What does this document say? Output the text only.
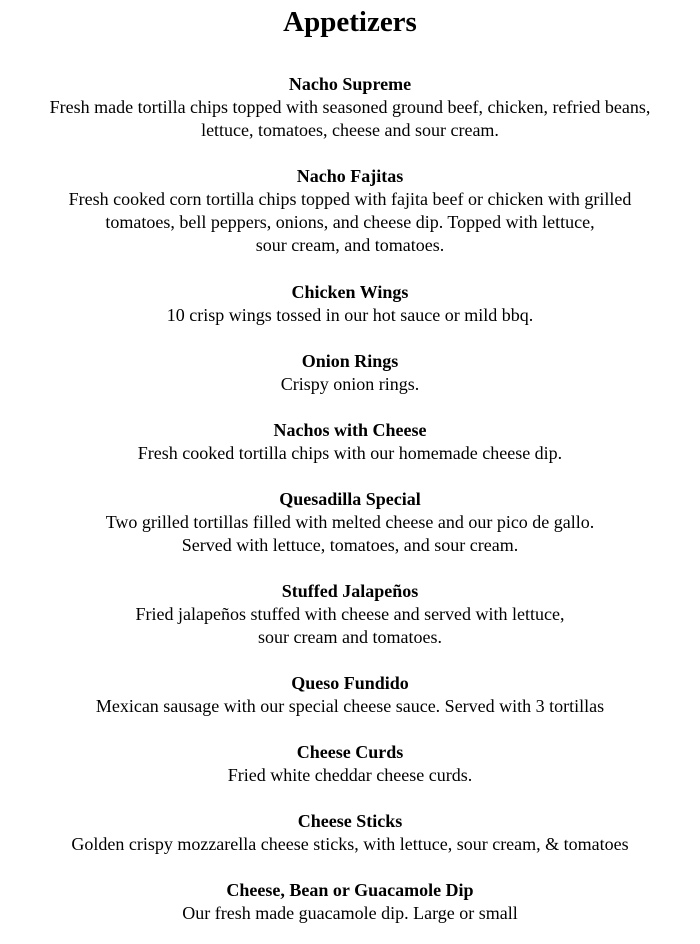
Appetizers
Nacho Supreme
Fresh made tortilla chips topped with seasoned ground beef, chicken, refried beans,
lettuce, tomatoes, cheese and sour cream.
Nacho Fajitas
Fresh cooked corn tortilla chips topped with fajita beef or chicken with grilled
tomatoes, bell peppers, onions, and cheese dip. Topped with lettuce,
sour cream, and tomatoes.
Chicken Wings
10 crisp wings tossed in our hot sauce or mild bbq.
Onion Rings
Crispy onion rings.
Nachos with Cheese
Fresh cooked tortilla chips with our homemade cheese dip.
Quesadilla Special
Two grilled tortillas filled with melted cheese and our pico de gallo.
Served with lettuce, tomatoes, and sour cream.
Stuffed Jalapeños
Fried jalapeños stuffed with cheese and served with lettuce,
sour cream and tomatoes.
Queso Fundido
Mexican sausage with our special cheese sauce. Served with 3 tortillas
Cheese Curds
Fried white cheddar cheese curds.
Cheese Sticks
Golden crispy mozzarella cheese sticks, with lettuce, sour cream, & tomatoes
Cheese, Bean or Guacamole Dip
Our fresh made guacamole dip. Large or small
